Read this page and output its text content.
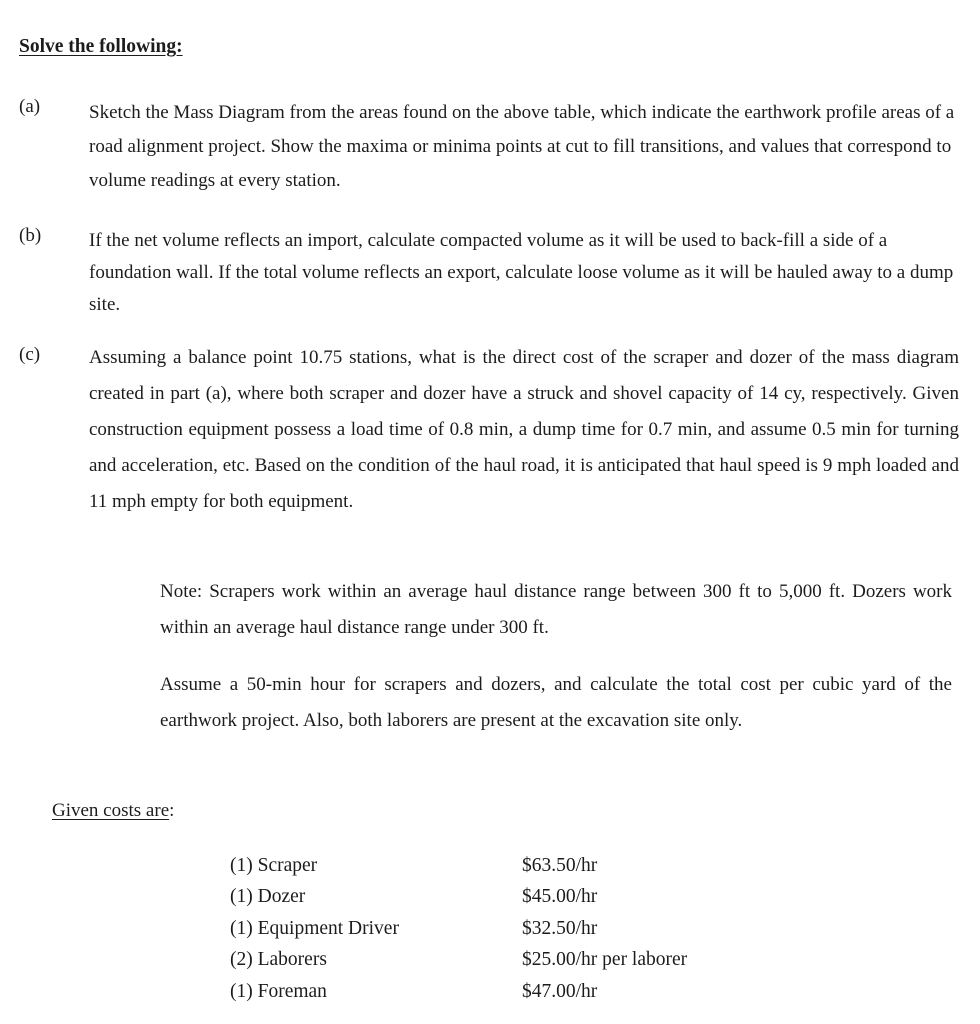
Solve the following:
(a)	Sketch the Mass Diagram from the areas found on the above table, which indicate the earthwork profile areas of a road alignment project. Show the maxima or minima points at cut to fill transitions, and values that correspond to volume readings at every station.

(b)	If the net volume reflects an import, calculate compacted volume as it will be used to back-fill a side of a foundation wall. If the total volume reflects an export, calculate loose volume as it will be hauled away to a dump site.

(c)	Assuming a balance point 10.75 stations, what is the direct cost of the scraper and dozer of the mass diagram created in part (a), where both scraper and dozer have a struck and shovel capacity of 14 cy, respectively. Given construction equipment possess a load time of 0.8 min, a dump time for 0.7 min, and assume 0.5 min for turning and acceleration, etc. Based on the condition of the haul road, it is anticipated that haul speed is 9 mph loaded and 11 mph empty for both equipment.

Note: Scrapers work within an average haul distance range between 300 ft to 5,000 ft. Dozers work within an average haul distance range under 300 ft.

Assume a 50-min hour for scrapers and dozers, and calculate the total cost per cubic yard of the earthwork project. Also, both laborers are present at the excavation site only.

Given costs are:

(1) Scraper	$63.50/hr
(1) Dozer	$45.00/hr
(1) Equipment Driver	$32.50/hr
(2) Laborers	$25.00/hr per laborer
(1) Foreman	$47.00/hr
